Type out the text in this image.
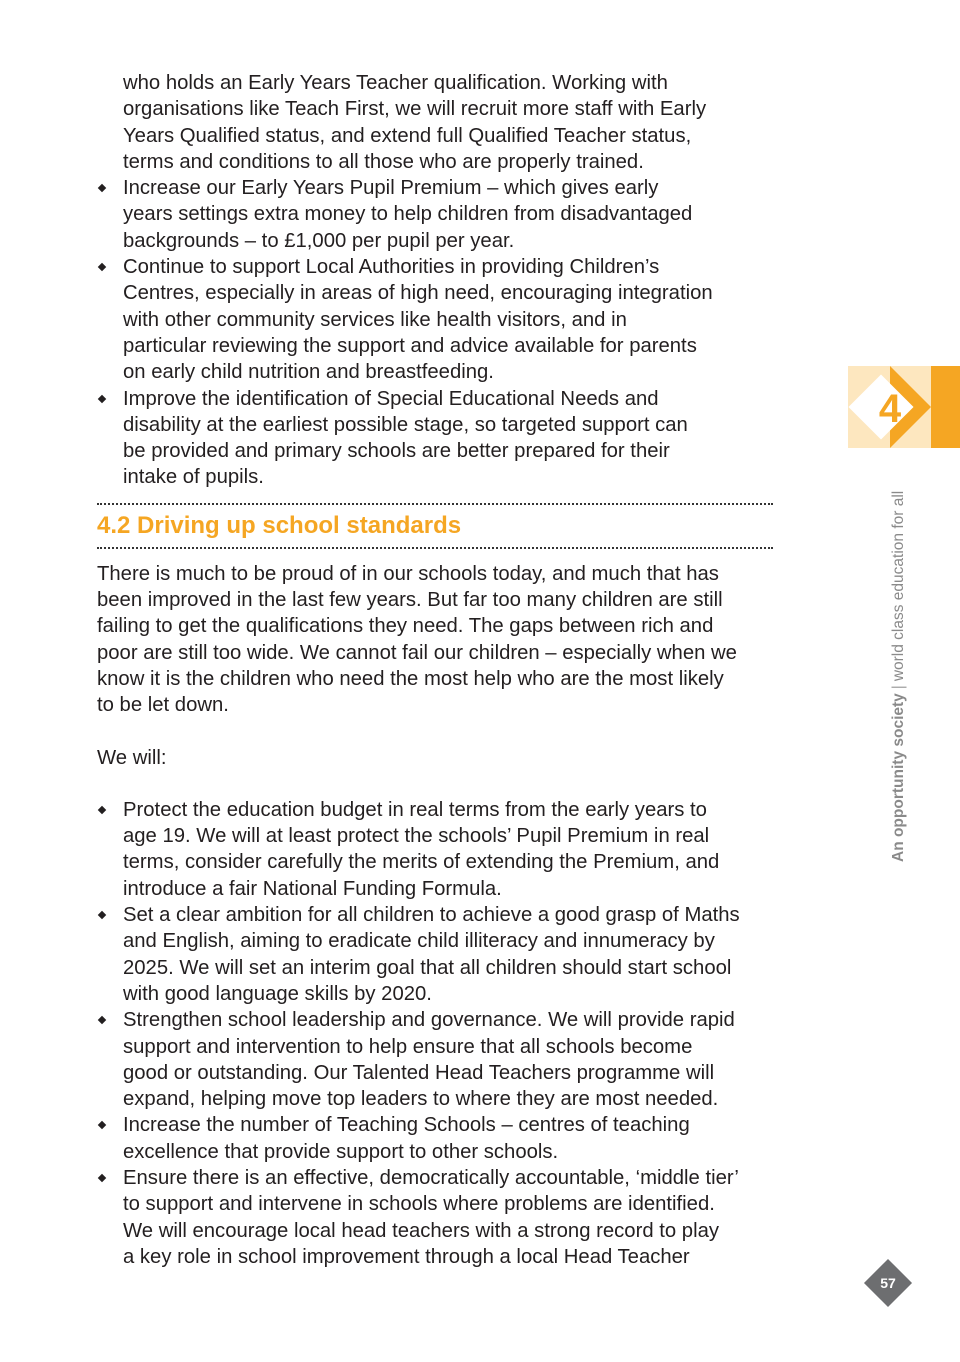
who holds an Early Years Teacher qualification. Working with
organisations like Teach First, we will recruit more staff with Early
Years Qualified status, and extend full Qualified Teacher status,
terms and conditions to all those who are properly trained.
Increase our Early Years Pupil Premium – which gives early
years settings extra money to help children from disadvantaged
backgrounds – to £1,000 per pupil per year.
Continue to support Local Authorities in providing Children’s
Centres, especially in areas of high need, encouraging integration
with other community services like health visitors, and in
particular reviewing the support and advice available for parents
on early child nutrition and breastfeeding.
Improve the identification of Special Educational Needs and
disability at the earliest possible stage, so targeted support can
be provided and primary schools are better prepared for their
intake of pupils.
4.2 Driving up school standards
There is much to be proud of in our schools today, and much that has
been improved in the last few years. But far too many children are still
failing to get the qualifications they need. The gaps between rich and
poor are still too wide. We cannot fail our children – especially when we
know it is the children who need the most help who are the most likely
to be let down.
We will:
Protect the education budget in real terms from the early years to
age 19. We will at least protect the schools’ Pupil Premium in real
terms, consider carefully the merits of extending the Premium, and
introduce a fair National Funding Formula.
Set a clear ambition for all children to achieve a good grasp of Maths
and English, aiming to eradicate child illiteracy and innumeracy by
2025. We will set an interim goal that all children should start school
with good language skills by 2020.
Strengthen school leadership and governance. We will provide rapid
support and intervention to help ensure that all schools become
good or outstanding. Our Talented Head Teachers programme will
expand, helping move top leaders to where they are most needed.
Increase the number of Teaching Schools – centres of teaching
excellence that provide support to other schools.
Ensure there is an effective, democratically accountable, ‘middle tier’
to support and intervene in schools where problems are identified.
We will encourage local head teachers with a strong record to play
a key role in school improvement through a local Head Teacher
4
An opportunity society|world class education for all
57
